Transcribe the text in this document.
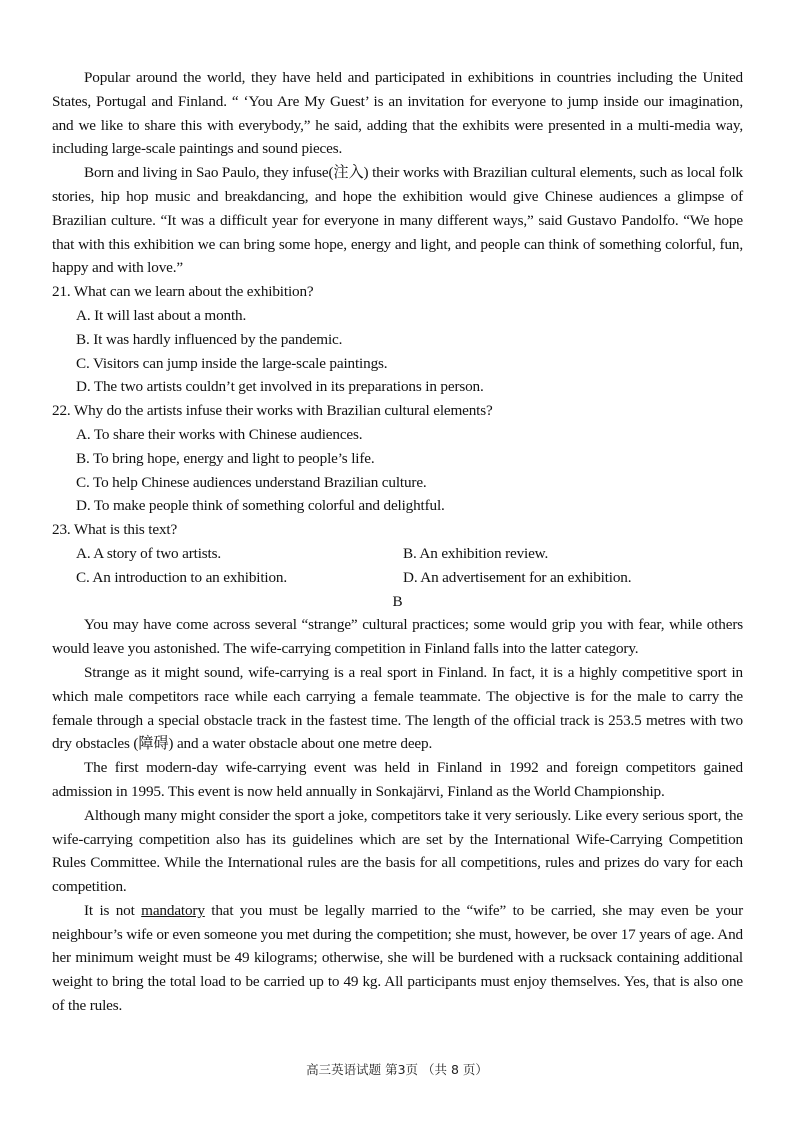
Popular around the world, they have held and participated in exhibitions in countries including the United States, Portugal and Finland. “ ‘You Are My Guest’ is an invitation for everyone to jump inside our imagination, and we like to share this with everybody,” he said, adding that the exhibits were presented in a multi-media way, including large-scale paintings and sound pieces.

Born and living in Sao Paulo, they infuse(注入) their works with Brazilian cultural elements, such as local folk stories, hip hop music and breakdancing, and hope the exhibition would give Chinese audiences a glimpse of Brazilian culture. “It was a difficult year for everyone in many different ways,” said Gustavo Pandolfo. “We hope that with this exhibition we can bring some hope, energy and light, and people can think of something colorful, fun, happy and with love.”

21. What can we learn about the exhibition?

A. It will last about a month.

B. It was hardly influenced by the pandemic.

C. Visitors can jump inside the large-scale paintings.

D. The two artists couldn’t get involved in its preparations in person.

22. Why do the artists infuse their works with Brazilian cultural elements?

A. To share their works with Chinese audiences.

B. To bring hope, energy and light to people’s life.

C. To help Chinese audiences understand Brazilian culture.

D. To make people think of something colorful and delightful.

23. What is this text?

A. A story of two artists.	B. An exhibition review.
C. An introduction to an exhibition.	D. An advertisement for an exhibition.

B

You may have come across several “strange” cultural practices; some would grip you with fear, while others would leave you astonished. The wife-carrying competition in Finland falls into the latter category.

Strange as it might sound, wife-carrying is a real sport in Finland. In fact, it is a highly competitive sport in which male competitors race while each carrying a female teammate. The objective is for the male to carry the female through a special obstacle track in the fastest time. The length of the official track is 253.5 metres with two dry obstacles (障碍) and a water obstacle about one metre deep.

The first modern-day wife-carrying event was held in Finland in 1992 and foreign competitors gained admission in 1995. This event is now held annually in Sonkajärvi, Finland as the World Championship.

Although many might consider the sport a joke, competitors take it very seriously. Like every serious sport, the wife-carrying competition also has its guidelines which are set by the International Wife-Carrying Competition Rules Committee. While the International rules are the basis for all competitions, rules and prizes do vary for each competition.

It is not mandatory that you must be legally married to the “wife” to be carried, she may even be your neighbour’s wife or even someone you met during the competition; she must, however, be over 17 years of age. And her minimum weight must be 49 kilograms; otherwise, she will be burdened with a rucksack containing additional weight to bring the total load to be carried up to 49 kg. All participants must enjoy themselves. Yes, that is also one of the rules.

高三英语试题 第3页 （共 8 页）
